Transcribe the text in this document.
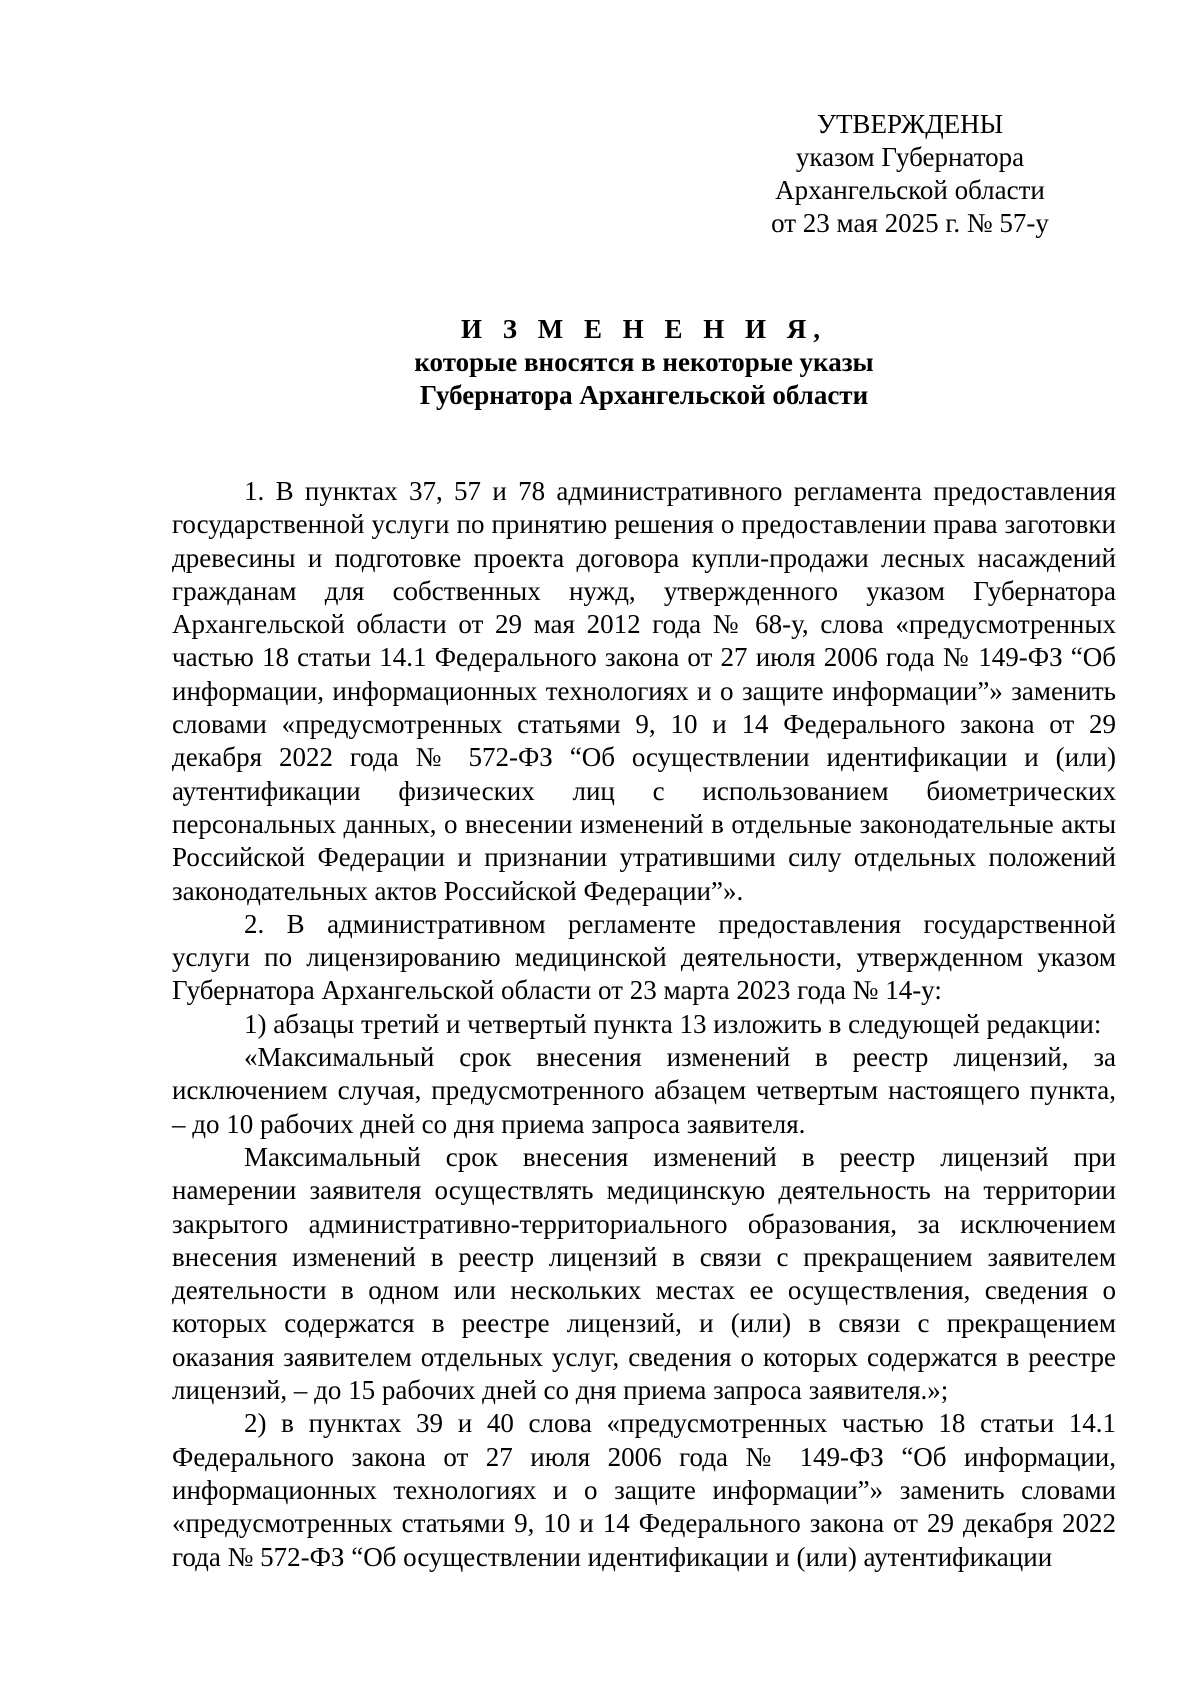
УТВЕРЖДЕНЫ
указом Губернатора
Архангельской области
от 23 мая 2025 г. № 57-у
И З М Е Н Е Н И Я,
которые вносятся в некоторые указы
Губернатора Архангельской области

1. В пунктах 37, 57 и 78 административного регламента предоставления государственной услуги по принятию решения о предоставлении права заготовки древесины и подготовке проекта договора купли-продажи лесных насаждений гражданам для собственных нужд, утвержденного указом Губернатора Архангельской области от 29 мая 2012 года № 68-у, слова «предусмотренных частью 18 статьи 14.1 Федерального закона от 27 июля 2006 года № 149-ФЗ “Об информации, информационных технологиях и о защите информации”» заменить словами «предусмотренных статьями 9, 10 и 14 Федерального закона от 29 декабря 2022 года № 572-ФЗ “Об осуществлении идентификации и (или) аутентификации физических лиц с использованием биометрических персональных данных, о внесении изменений в отдельные законодательные акты Российской Федерации и признании утратившими силу отдельных положений законодательных актов Российской Федерации”».

2. В административном регламенте предоставления государственной услуги по лицензированию медицинской деятельности, утвержденном указом Губернатора Архангельской области от 23 марта 2023 года № 14-у:

1) абзацы третий и четвертый пункта 13 изложить в следующей редакции:

«Максимальный срок внесения изменений в реестр лицензий, за исключением случая, предусмотренного абзацем четвертым настоящего пункта, – до 10 рабочих дней со дня приема запроса заявителя.

Максимальный срок внесения изменений в реестр лицензий при намерении заявителя осуществлять медицинскую деятельность на территории закрытого административно-территориального образования, за исключением внесения изменений в реестр лицензий в связи с прекращением заявителем деятельности в одном или нескольких местах ее осуществления, сведения о которых содержатся в реестре лицензий, и (или) в связи с прекращением оказания заявителем отдельных услуг, сведения о которых содержатся в реестре лицензий, – до 15 рабочих дней со дня приема запроса заявителя.»;

2) в пунктах 39 и 40 слова «предусмотренных частью 18 статьи 14.1 Федерального закона от 27 июля 2006 года № 149-ФЗ “Об информации, информационных технологиях и о защите информации”» заменить словами «предусмотренных статьями 9, 10 и 14 Федерального закона от 29 декабря 2022 года № 572-ФЗ “Об осуществлении идентификации и (или) аутентификации
